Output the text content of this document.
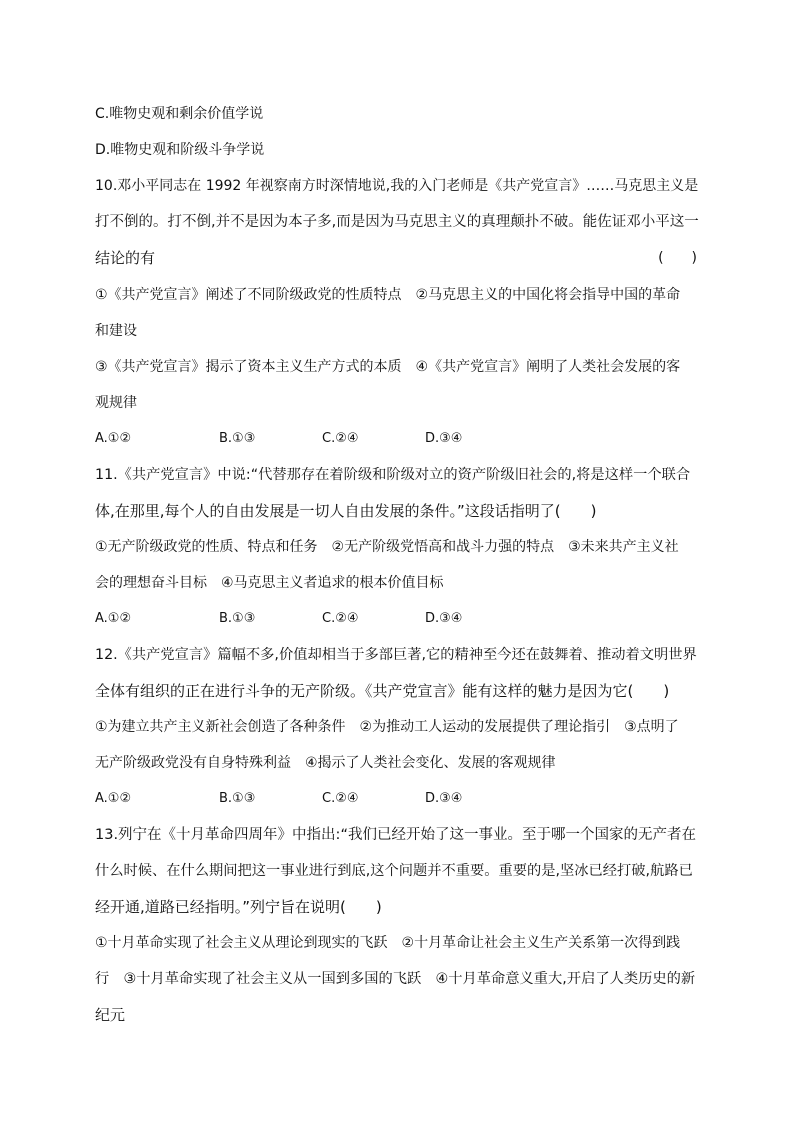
C.唯物史观和剩余价值学说
D.唯物史观和阶级斗争学说
10.邓小平同志在 1992 年视察南方时深情地说,我的入门老师是《共产党宣言》……马克思主义是
打不倒的。打不倒,并不是因为本子多,而是因为马克思主义的真理颠扑不破。能佐证邓小平这一
结论的有	(　　)
①《共产党宣言》阐述了不同阶级政党的性质特点　②马克思主义的中国化将会指导中国的革命
和建设
③《共产党宣言》揭示了资本主义生产方式的本质　④《共产党宣言》阐明了人类社会发展的客
观规律
A.①②	B.①③	C.②④	D.③④
11.《共产党宣言》中说:“代替那存在着阶级和阶级对立的资产阶级旧社会的,将是这样一个联合
体,在那里,每个人的自由发展是一切人自由发展的条件。”这段话指明了(　　)
①无产阶级政党的性质、特点和任务　②无产阶级党悟高和战斗力强的特点　③未来共产主义社
会的理想奋斗目标　④马克思主义者追求的根本价值目标
A.①②	B.①③	C.②④	D.③④
12.《共产党宣言》篇幅不多,价值却相当于多部巨著,它的精神至今还在鼓舞着、推动着文明世界
全体有组织的正在进行斗争的无产阶级。《共产党宣言》能有这样的魅力是因为它(　　)
①为建立共产主义新社会创造了各种条件　②为推动工人运动的发展提供了理论指引　③点明了
无产阶级政党没有自身特殊利益　④揭示了人类社会变化、发展的客观规律
A.①②	B.①③	C.②④	D.③④
13.列宁在《十月革命四周年》中指出:“我们已经开始了这一事业。至于哪一个国家的无产者在
什么时候、在什么期间把这一事业进行到底,这个问题并不重要。重要的是,坚冰已经打破,航路已
经开通,道路已经指明。”列宁旨在说明(　　)
①十月革命实现了社会主义从理论到现实的飞跃　②十月革命让社会主义生产关系第一次得到践
行　③十月革命实现了社会主义从一国到多国的飞跃　④十月革命意义重大,开启了人类历史的新
纪元
